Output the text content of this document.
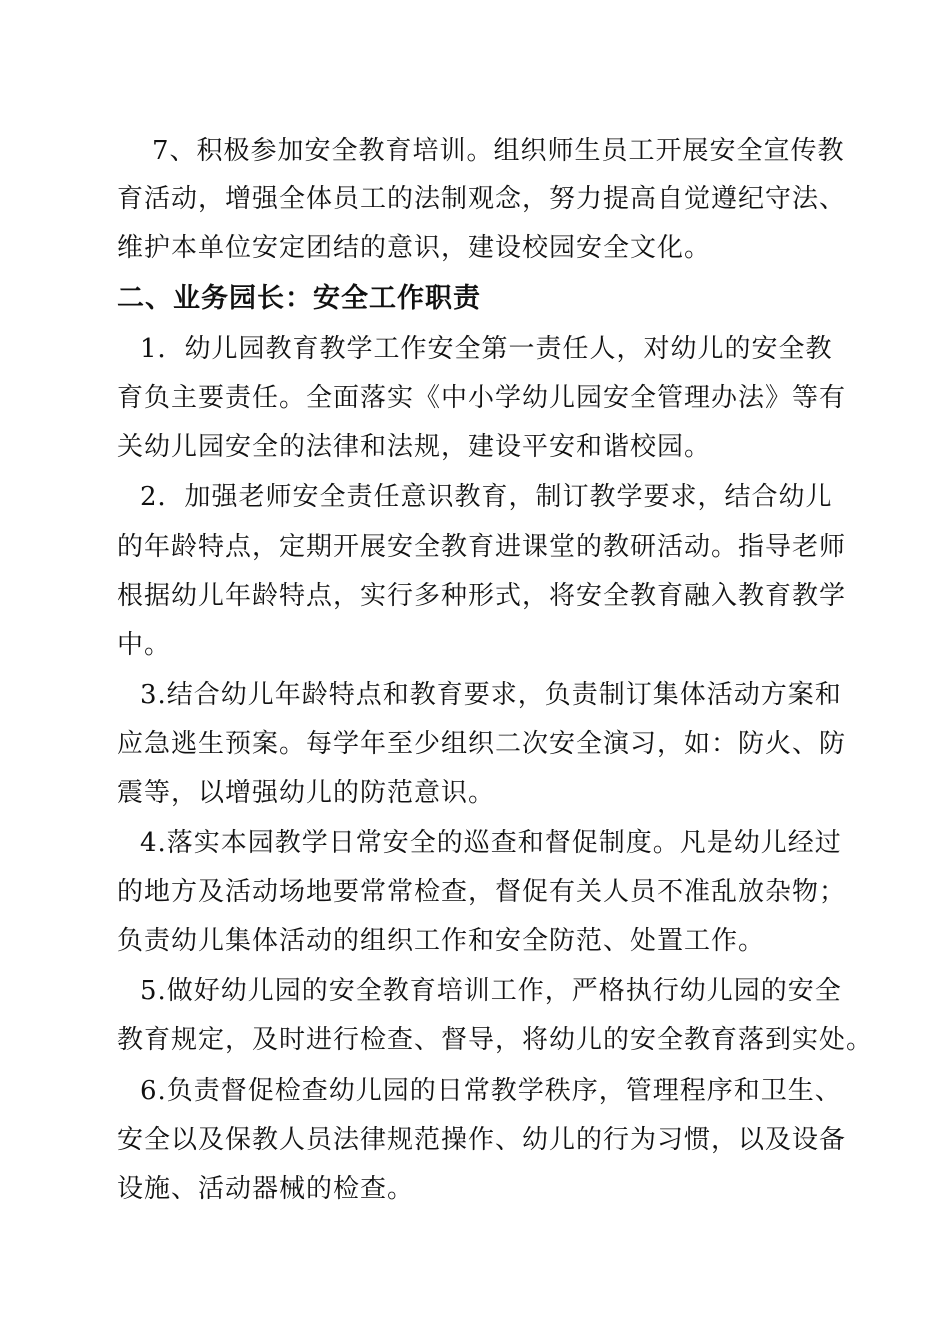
7、积极参加安全教育培训。组织师生员工开展安全宣传教
育活动，增强全体员工的法制观念，努力提高自觉遵纪守法、
维护本单位安定团结的意识，建设校园安全文化。
二、业务园长：安全工作职责
1．幼儿园教育教学工作安全第一责任人，对幼儿的安全教
育负主要责任。全面落实《中小学幼儿园安全管理办法》等有
关幼儿园安全的法律和法规，建设平安和谐校园。
2．加强老师安全责任意识教育，制订教学要求，结合幼儿
的年龄特点，定期开展安全教育进课堂的教研活动。指导老师
根据幼儿年龄特点，实行多种形式，将安全教育融入教育教学
中。
3.结合幼儿年龄特点和教育要求，负责制订集体活动方案和
应急逃生预案。每学年至少组织二次安全演习，如：防火、防
震等，以增强幼儿的防范意识。
4.落实本园教学日常安全的巡查和督促制度。凡是幼儿经过
的地方及活动场地要常常检查，督促有关人员不准乱放杂物；
负责幼儿集体活动的组织工作和安全防范、处置工作。
5.做好幼儿园的安全教育培训工作，严格执行幼儿园的安全
教育规定，及时进行检查、督导，将幼儿的安全教育落到实处。
6.负责督促检查幼儿园的日常教学秩序，管理程序和卫生、
安全以及保教人员法律规范操作、幼儿的行为习惯，以及设备
设施、活动器械的检查。
